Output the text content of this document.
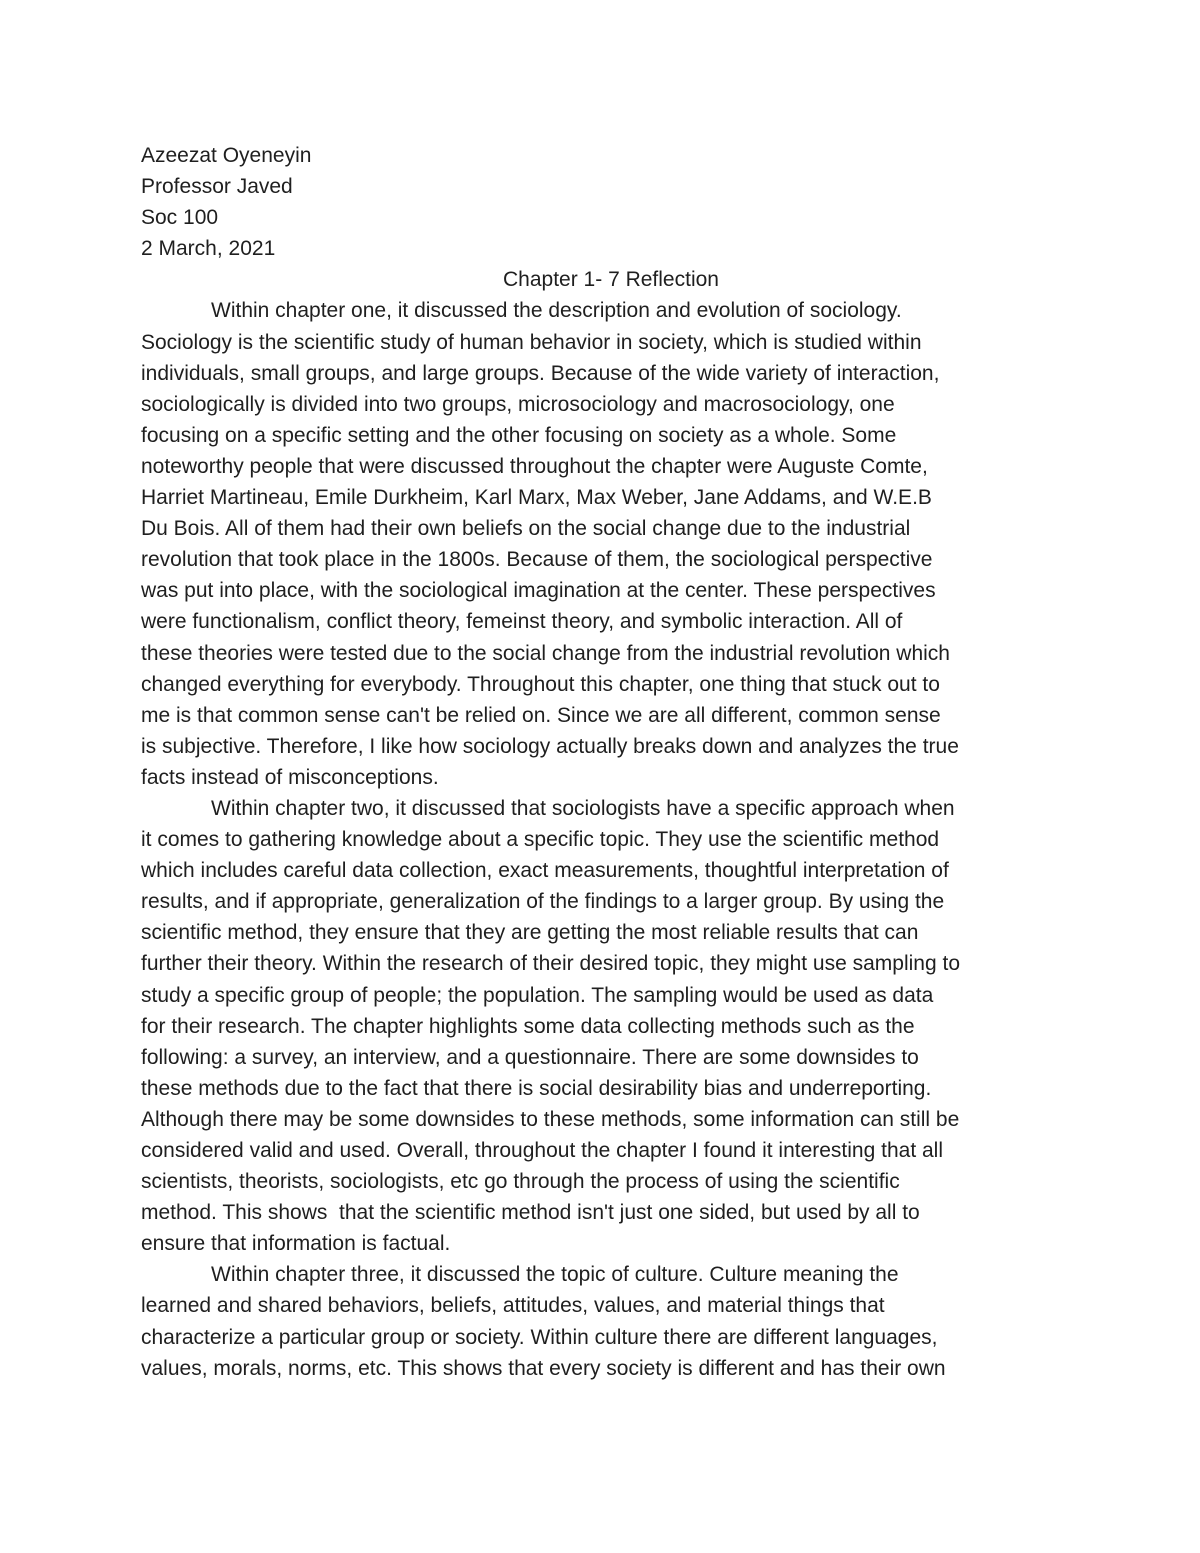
Azeezat Oyeneyin
Professor Javed
Soc 100
2 March, 2021
Chapter 1- 7 Reflection
Within chapter one, it discussed the description and evolution of sociology.
Sociology is the scientific study of human behavior in society, which is studied within
individuals, small groups, and large groups. Because of the wide variety of interaction,
sociologically is divided into two groups, microsociology and macrosociology, one
focusing on a specific setting and the other focusing on society as a whole. Some
noteworthy people that were discussed throughout the chapter were Auguste Comte,
Harriet Martineau, Emile Durkheim, Karl Marx, Max Weber, Jane Addams, and W.E.B
Du Bois. All of them had their own beliefs on the social change due to the industrial
revolution that took place in the 1800s. Because of them, the sociological perspective
was put into place, with the sociological imagination at the center. These perspectives
were functionalism, conflict theory, femeinst theory, and symbolic interaction. All of
these theories were tested due to the social change from the industrial revolution which
changed everything for everybody. Throughout this chapter, one thing that stuck out to
me is that common sense can't be relied on. Since we are all different, common sense
is subjective. Therefore, I like how sociology actually breaks down and analyzes the true
facts instead of misconceptions.
Within chapter two, it discussed that sociologists have a specific approach when
it comes to gathering knowledge about a specific topic. They use the scientific method
which includes careful data collection, exact measurements, thoughtful interpretation of
results, and if appropriate, generalization of the findings to a larger group. By using the
scientific method, they ensure that they are getting the most reliable results that can
further their theory. Within the research of their desired topic, they might use sampling to
study a specific group of people; the population. The sampling would be used as data
for their research. The chapter highlights some data collecting methods such as the
following: a survey, an interview, and a questionnaire. There are some downsides to
these methods due to the fact that there is social desirability bias and underreporting.
Although there may be some downsides to these methods, some information can still be
considered valid and used. Overall, throughout the chapter I found it interesting that all
scientists, theorists, sociologists, etc go through the process of using the scientific
method. This shows  that the scientific method isn't just one sided, but used by all to
ensure that information is factual.
Within chapter three, it discussed the topic of culture. Culture meaning the
learned and shared behaviors, beliefs, attitudes, values, and material things that
characterize a particular group or society. Within culture there are different languages,
values, morals, norms, etc. This shows that every society is different and has their own
